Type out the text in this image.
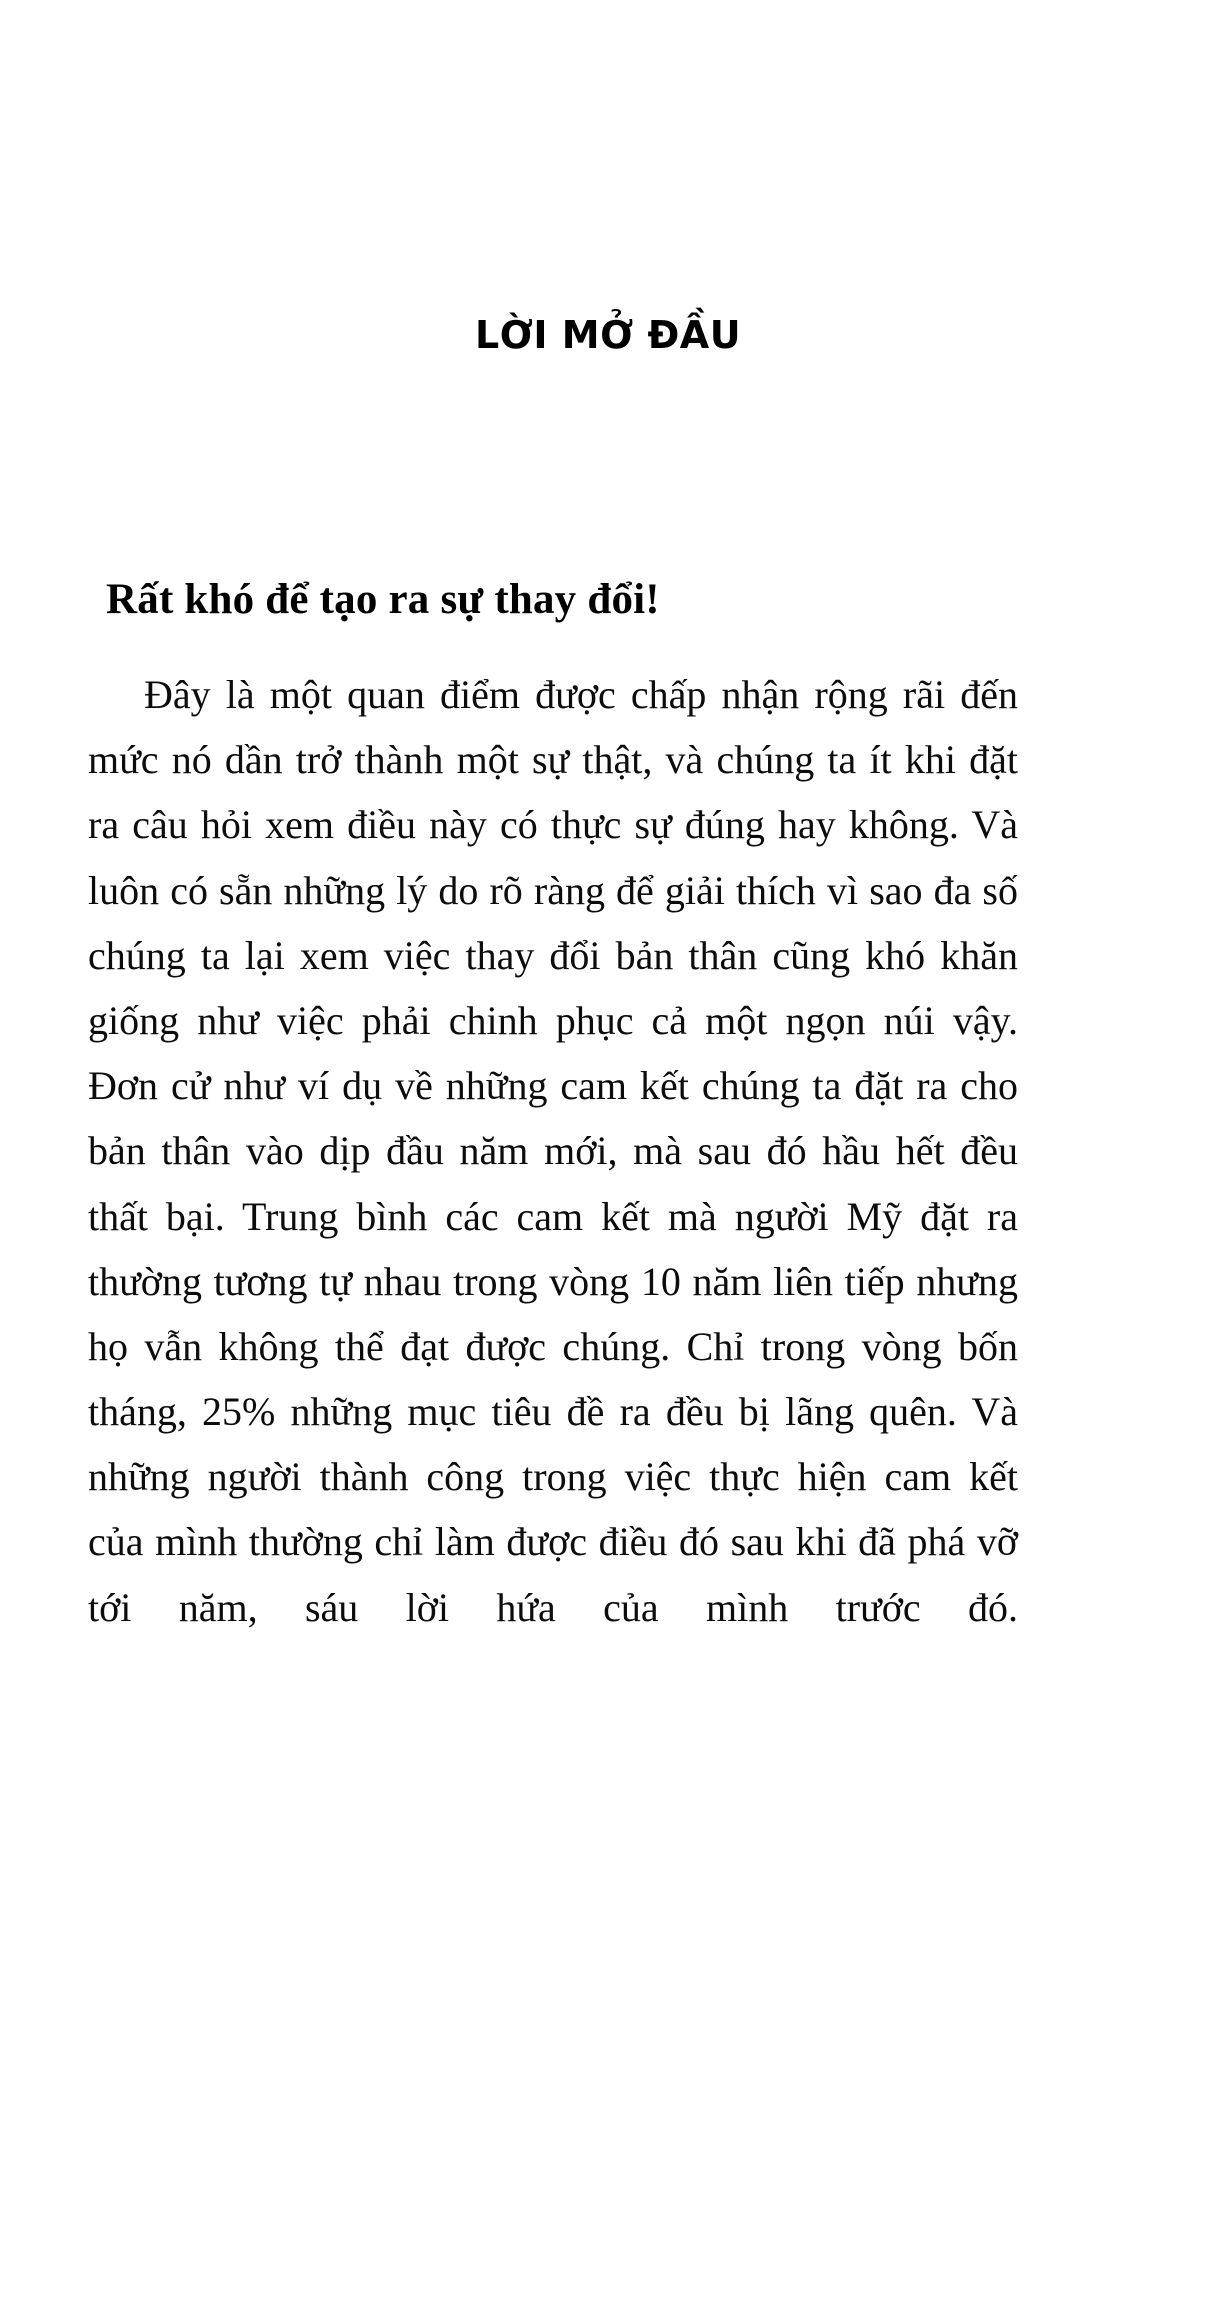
LỜI MỞ ĐẦU
Rất khó để tạo ra sự thay đổi!

Đây là một quan điểm được chấp nhận rộng rãi đến mức nó dần trở thành một sự thật, và chúng ta ít khi đặt ra câu hỏi xem điều này có thực sự đúng hay không. Và luôn có sẵn những lý do rõ ràng để giải thích vì sao đa số chúng ta lại xem việc thay đổi bản thân cũng khó khăn giống như việc phải chinh phục cả một ngọn núi vậy. Đơn cử như ví dụ về những cam kết chúng ta đặt ra cho bản thân vào dịp đầu năm mới, mà sau đó hầu hết đều thất bại. Trung bình các cam kết mà người Mỹ đặt ra thường tương tự nhau trong vòng 10 năm liên tiếp nhưng họ vẫn không thể đạt được chúng. Chỉ trong vòng bốn tháng, 25% những mục tiêu đề ra đều bị lãng quên. Và những người thành công trong việc thực hiện cam kết của mình thường chỉ làm được điều đó sau khi đã phá vỡ tới năm, sáu lời hứa của mình trước đó.
